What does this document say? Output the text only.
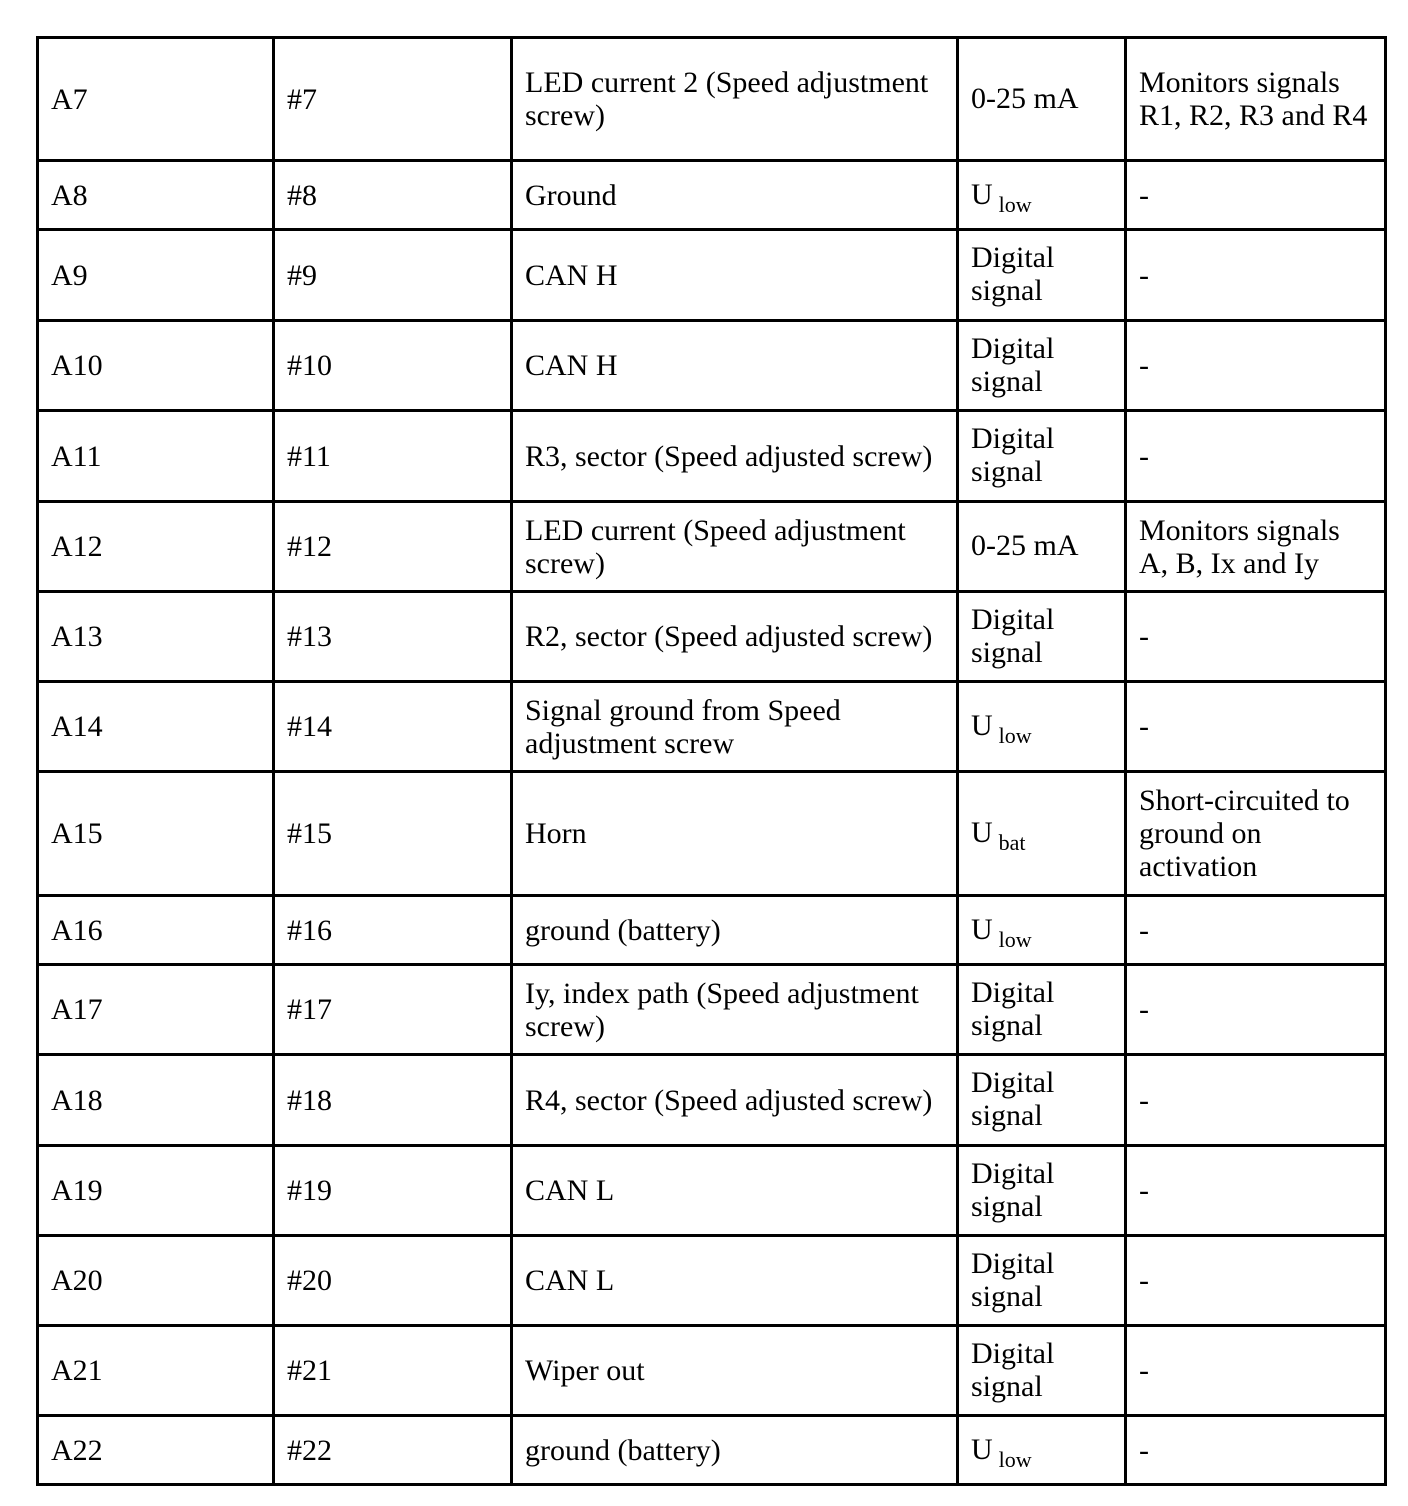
A7	#7	LED current 2 (Speed adjustment screw)	0-25 mA	Monitors signals R1, R2, R3 and R4
A8	#8	Ground	U $_{low}$	-
A9	#9	CAN H	Digital signal	-
A10	#10	CAN H	Digital signal	-
A11	#11	R3, sector (Speed adjusted screw)	Digital signal	-
A12	#12	LED current (Speed adjustment screw)	0-25 mA	Monitors signals A, B, Ix and Iy
A13	#13	R2, sector (Speed adjusted screw)	Digital signal	-
A14	#14	Signal ground from Speed adjustment screw	U $_{low}$	-
A15	#15	Horn	U $_{bat}$	Short-circuited to ground on activation
A16	#16	ground (battery)	U $_{low}$	-
A17	#17	Iy, index path (Speed adjustment screw)	Digital signal	-
A18	#18	R4, sector (Speed adjusted screw)	Digital signal	-
A19	#19	CAN L	Digital signal	-
A20	#20	CAN L	Digital signal	-
A21	#21	Wiper out	Digital signal	-
A22	#22	ground (battery)	U $_{low}$	-
